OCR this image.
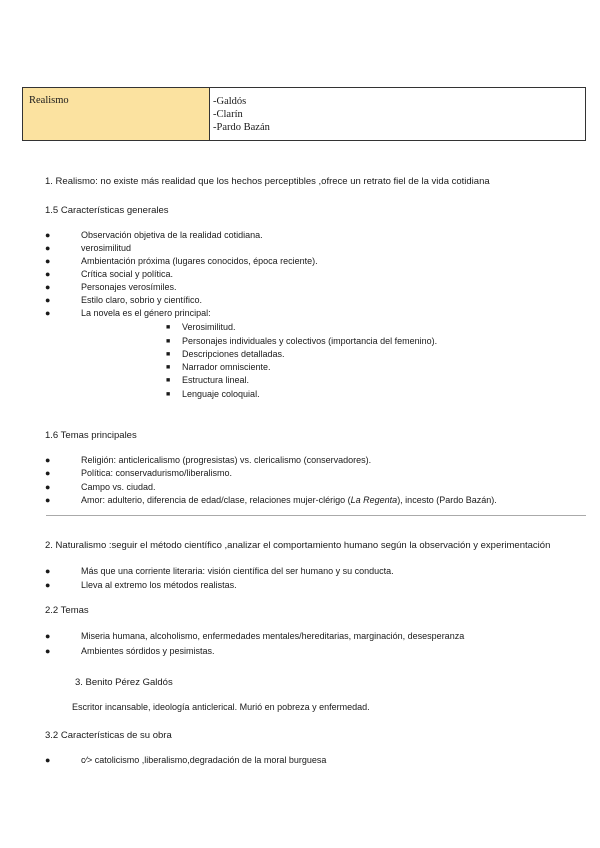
Realismo	-Galdós
-Clarín
-Pardo Bazán
1. Realismo: no existe más realidad que los hechos perceptibles ,ofrece un retrato fiel de la vida cotidiana
1.5 Características generales
●	Observación objetiva de la realidad cotidiana.
●	verosimilitud
●	Ambientación próxima (lugares conocidos, época reciente).
●	Crítica social y política.
●	Personajes verosímiles.
●	Estilo claro, sobrio y científico.
●	La novela es el género principal:
■ Verosimilitud.
■ Personajes individuales y colectivos (importancia del femenino).
■ Descripciones detalladas.
■ Narrador omnisciente.
■ Estructura lineal.
■ Lenguaje coloquial.
1.6 Temas principales
●	Religión: anticlericalismo (progresistas) vs. clericalismo (conservadores).
●	Política: conservadurismo/liberalismo.
●	Campo vs. ciudad.
●	Amor: adulterio, diferencia de edad/clase, relaciones mujer-clérigo (La Regenta), incesto (Pardo Bazán).
2. Naturalismo :seguir el método científico ,analizar el comportamiento humano según la observación y experimentación
●	Más que una corriente literaria: visión científica del ser humano y su conducta.
●	Lleva al extremo los métodos realistas.
2.2 Temas
●	Miseria humana, alcoholismo, enfermedades mentales/hereditarias, marginación, desesperanza
●	Ambientes sórdidos y pesimistas.
3. Benito Pérez Galdós
Escritor incansable, ideología anticlerical. Murió en pobreza y enfermedad.
3.2 Características de su obra
●	c⁄> catolicismo ,liberalismo,degradación de la moral burguesa
